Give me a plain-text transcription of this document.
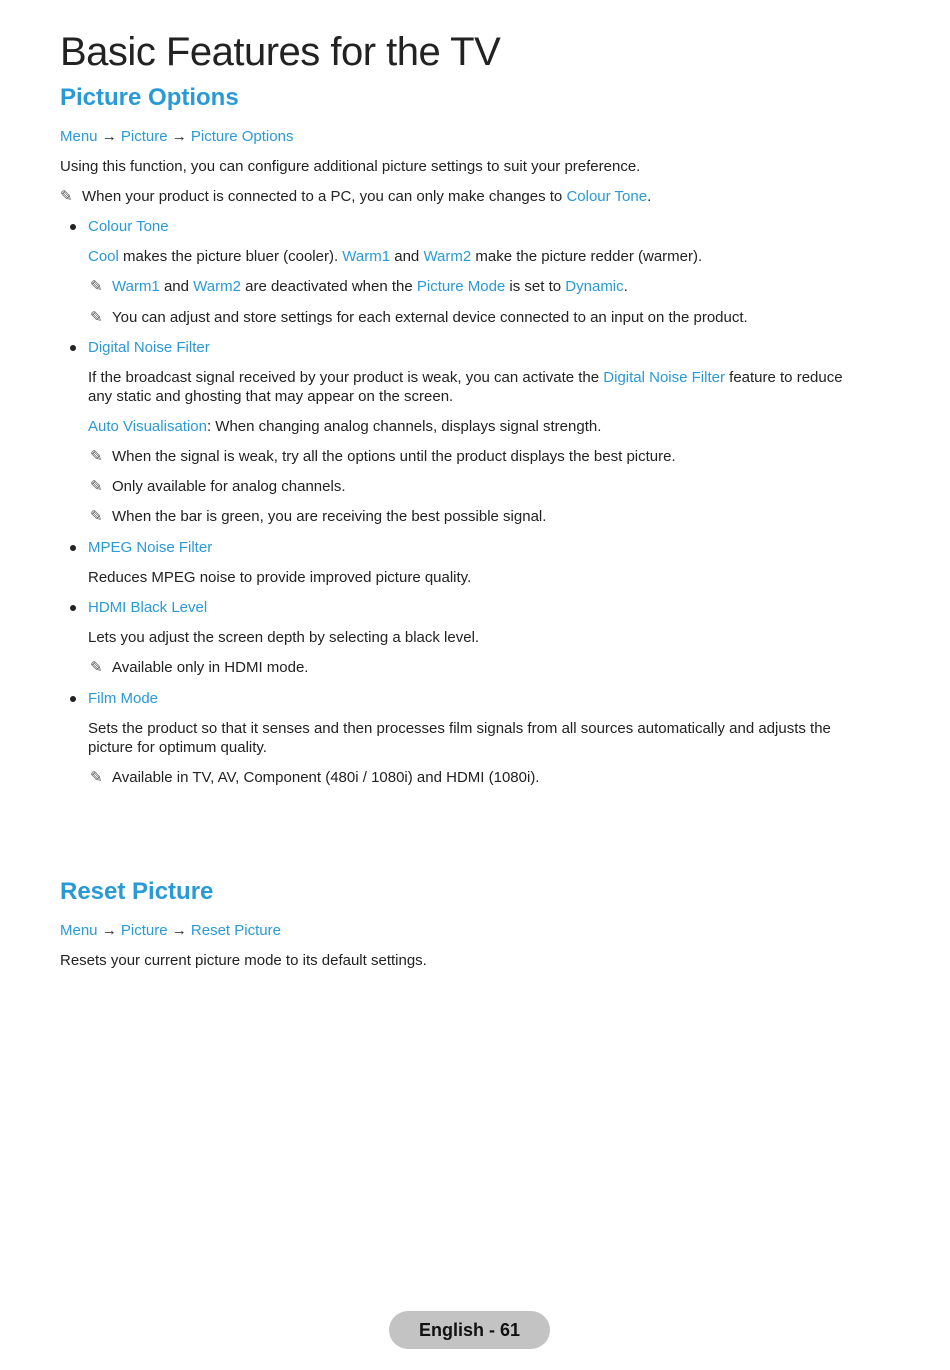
Basic Features for the TV
Picture Options

Menu → Picture → Picture Options

Using this function, you can configure additional picture settings to suit your preference.

✎ When your product is connected to a PC, you can only make changes to Colour Tone.

Colour Tone

Cool makes the picture bluer (cooler). Warm1 and Warm2 make the picture redder (warmer).

✎ Warm1 and Warm2 are deactivated when the Picture Mode is set to Dynamic.

✎ You can adjust and store settings for each external device connected to an input on the product.

Digital Noise Filter

If the broadcast signal received by your product is weak, you can activate the Digital Noise Filter feature to reduce any static and ghosting that may appear on the screen.

Auto Visualisation: When changing analog channels, displays signal strength.

✎ When the signal is weak, try all the options until the product displays the best picture.

✎ Only available for analog channels.

✎ When the bar is green, you are receiving the best possible signal.

MPEG Noise Filter

Reduces MPEG noise to provide improved picture quality.

HDMI Black Level

Lets you adjust the screen depth by selecting a black level.

✎ Available only in HDMI mode.

Film Mode

Sets the product so that it senses and then processes film signals from all sources automatically and adjusts the picture for optimum quality.

✎ Available in TV, AV, Component (480i / 1080i) and HDMI (1080i).

Reset Picture

Menu → Picture → Reset Picture

Resets your current picture mode to its default settings.

English - 61
